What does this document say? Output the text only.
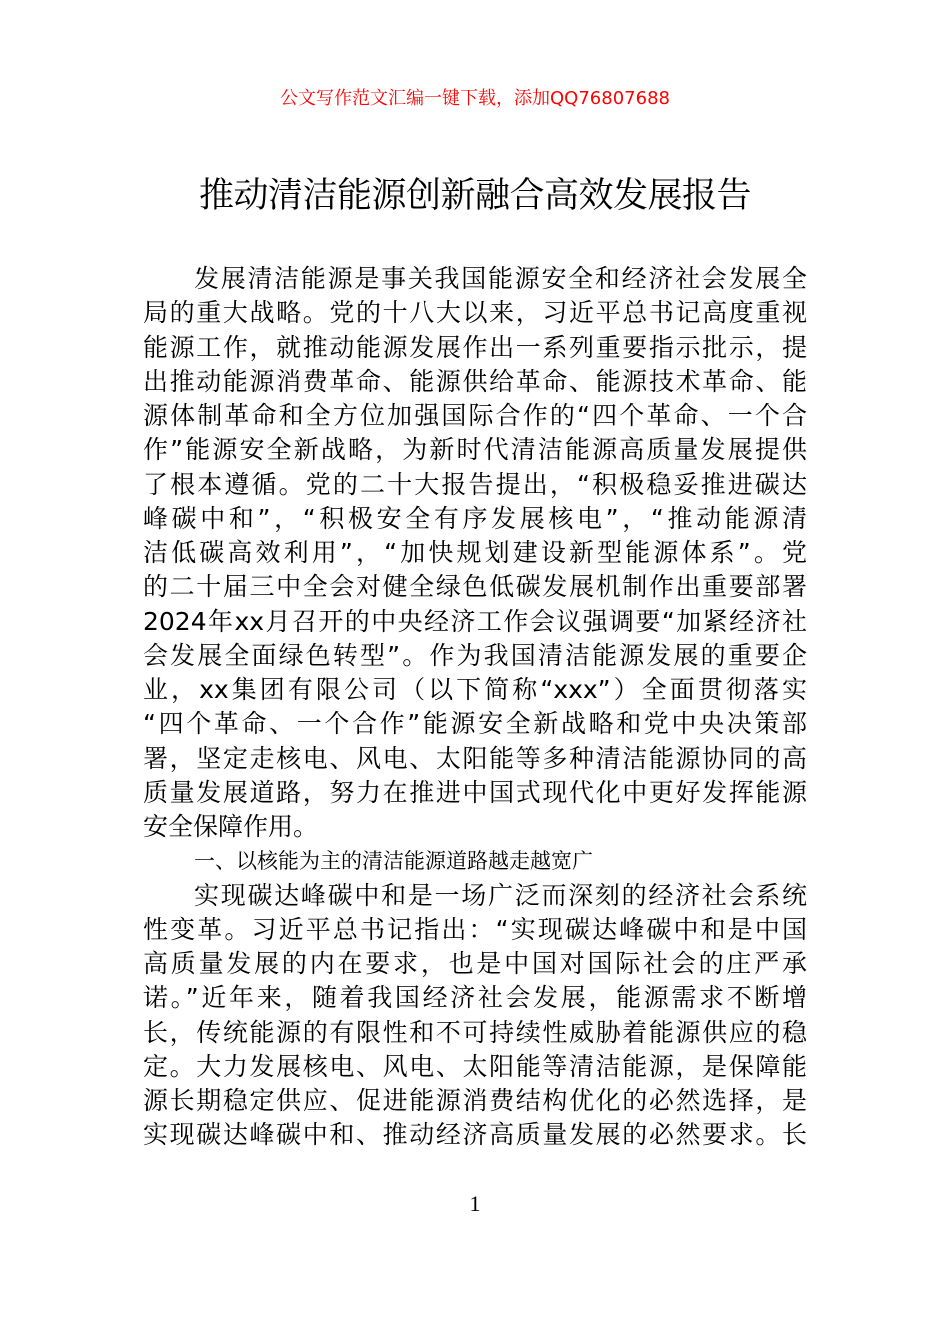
公文写作范文汇编一键下载，添加QQ76807688
推动清洁能源创新融合高效发展报告
发展清洁能源是事关我国能源安全和经济社会发展全
局的重大战略。党的十八大以来，习近平总书记高度重视
能源工作，就推动能源发展作出一系列重要指示批示，提
出推动能源消费革命、能源供给革命、能源技术革命、能
源体制革命和全方位加强国际合作的“四个革命、一个合
作”能源安全新战略，为新时代清洁能源高质量发展提供
了根本遵循。党的二十大报告提出，“积极稳妥推进碳达
峰碳中和”，“积极安全有序发展核电”，“推动能源清
洁低碳高效利用”，“加快规划建设新型能源体系”。党
的二十届三中全会对健全绿色低碳发展机制作出重要部署
2024年xx月召开的中央经济工作会议强调要“加紧经济社
会发展全面绿色转型”。作为我国清洁能源发展的重要企
业，xx集团有限公司（以下简称“xxx”）全面贯彻落实
“四个革命、一个合作”能源安全新战略和党中央决策部
署，坚定走核电、风电、太阳能等多种清洁能源协同的高
质量发展道路，努力在推进中国式现代化中更好发挥能源
安全保障作用。
一、以核能为主的清洁能源道路越走越宽广
实现碳达峰碳中和是一场广泛而深刻的经济社会系统
性变革。习近平总书记指出：“实现碳达峰碳中和是中国
高质量发展的内在要求，也是中国对国际社会的庄严承
诺。”近年来，随着我国经济社会发展，能源需求不断增
长，传统能源的有限性和不可持续性威胁着能源供应的稳
定。大力发展核电、风电、太阳能等清洁能源，是保障能
源长期稳定供应、促进能源消费结构优化的必然选择，是
实现碳达峰碳中和、推动经济高质量发展的必然要求。长
1
